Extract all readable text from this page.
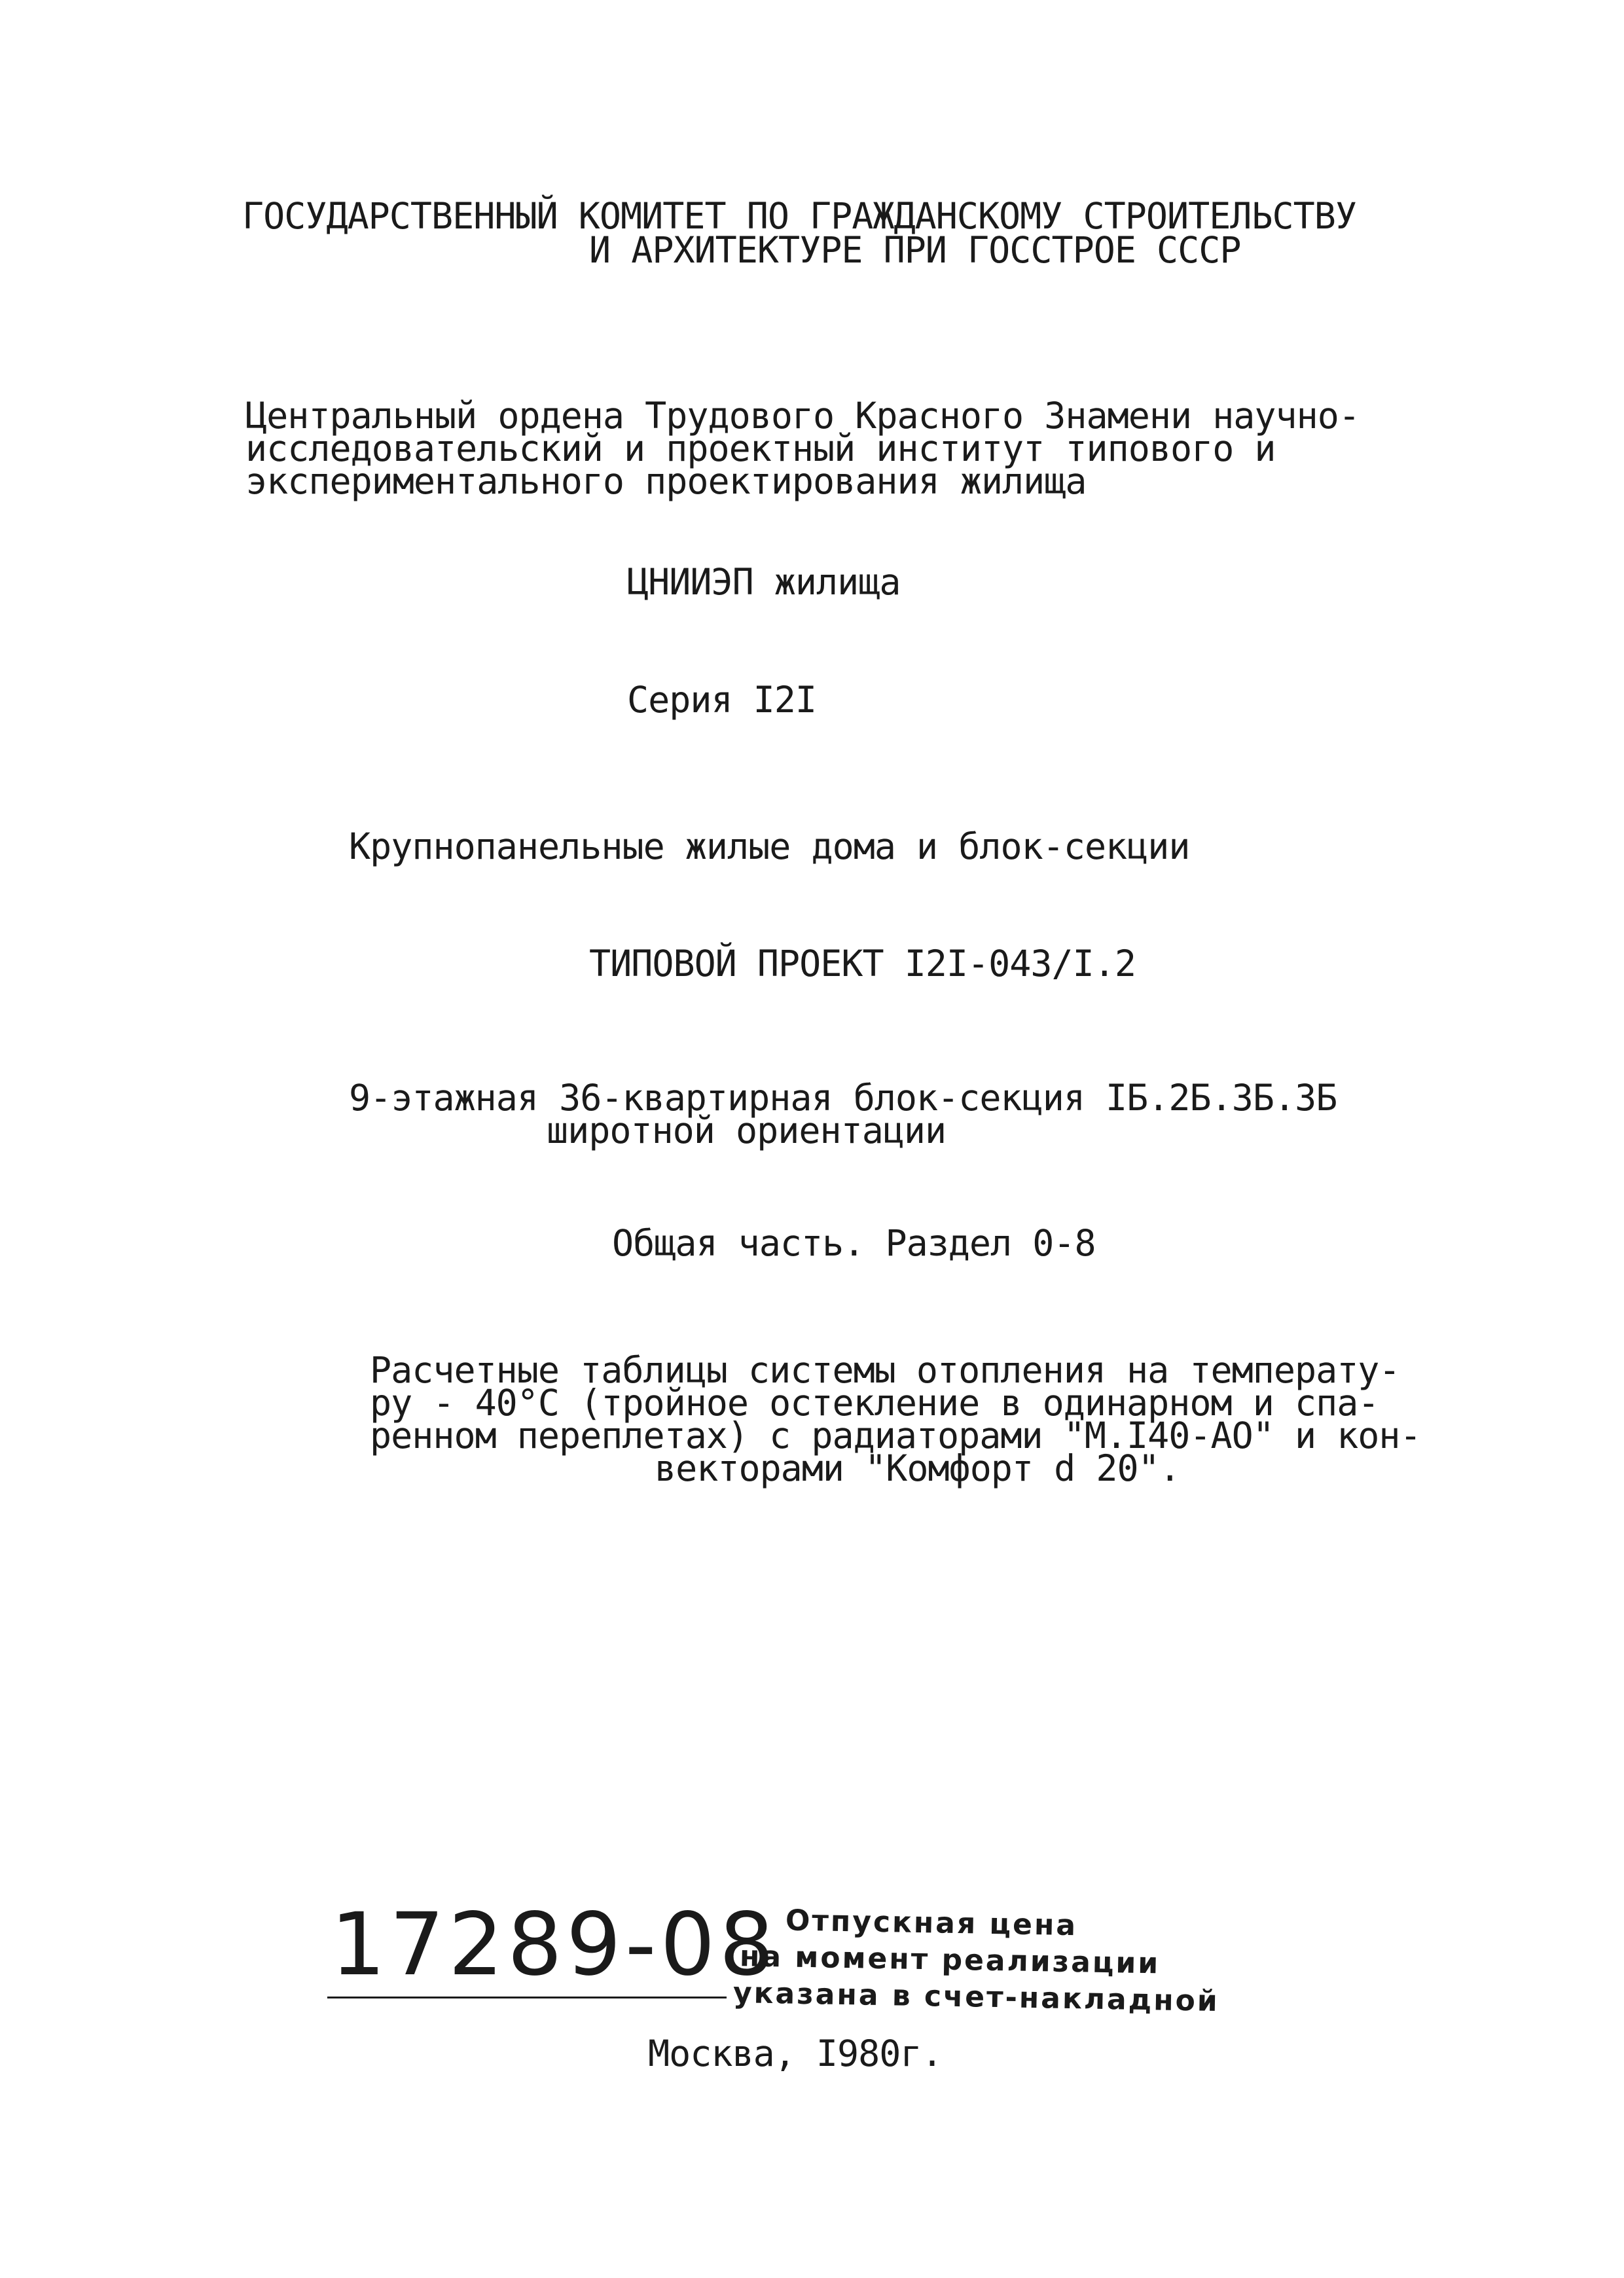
ГОСУДАРСТВЕННЫЙ КОМИТЕТ ПО ГРАЖДАНСКОМУ СТРОИТЕЛЬСТВУ
И АРХИТЕКТУРЕ ПРИ ГОССТРОЕ СССР
Центральный ордена Трудового Красного Знамени научно-
исследовательский и проектный институт типового и
экспериментального проектирования жилища
ЦНИИЭП жилища
Серия I2I
Крупнопанельные жилые дома и блок-секции
ТИПОВОЙ ПРОЕКТ I2I-043/I.2
9-этажная 36-квартирная блок-секция IБ.2Б.3Б.3Б
широтной ориентации
Общая часть. Раздел 0-8
Расчетные таблицы системы отопления на температу-
ру - 40°С (тройное остекление в одинарном и спа-
ренном переплетах) с радиаторами "М.I40-АО" и кон-
векторами "Комфорт d 20".
17289-08 Отпускная цена
на момент реализации
указана в счет-накладной
Москва, I980г.
